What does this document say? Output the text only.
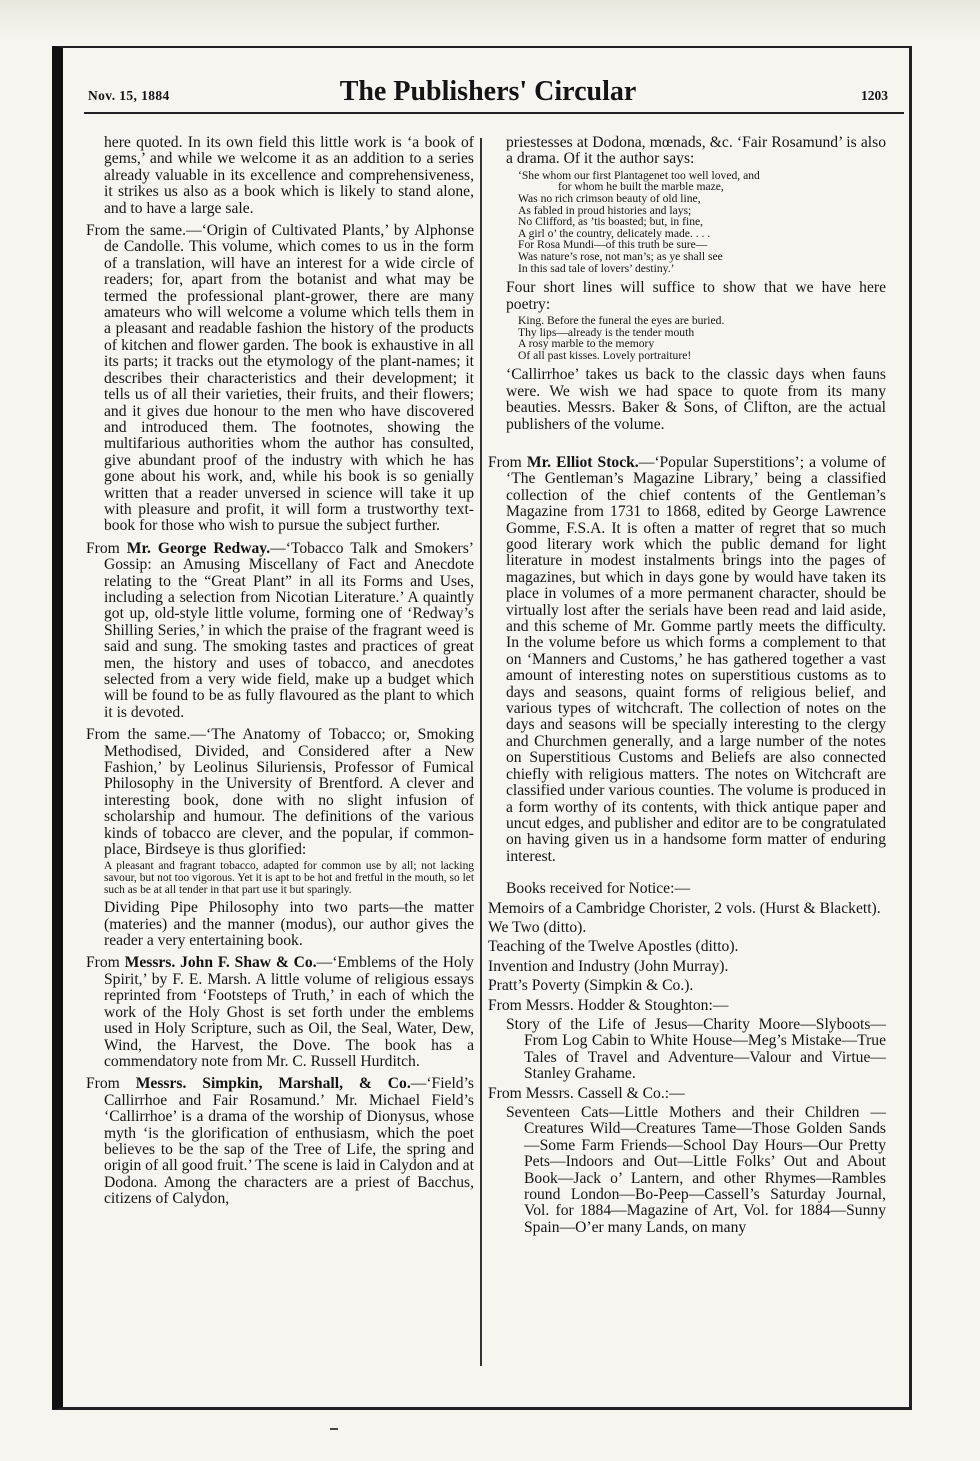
Nov. 15, 1884	The Publishers' Circular	1203

here quoted. In its own field this little work is ‘a book of gems,’ and while we welcome it as an addition to a series already valuable in its excellence and comprehensiveness, it strikes us also as a book which is likely to stand alone, and to have a large sale.

From the same.—‘Origin of Cultivated Plants,’ by Alphonse de Candolle. This volume, which comes to us in the form of a translation, will have an interest for a wide circle of readers; for, apart from the botanist and what may be termed the professional plant-grower, there are many amateurs who will welcome a volume which tells them in a pleasant and readable fashion the history of the products of kitchen and flower garden. The book is exhaustive in all its parts; it tracks out the etymology of the plant-names; it describes their characteristics and their development; it tells us of all their varieties, their fruits, and their flowers; and it gives due honour to the men who have discovered and introduced them. The footnotes, showing the multifarious authorities whom the author has consulted, give abundant proof of the industry with which he has gone about his work, and, while his book is so genially written that a reader unversed in science will take it up with pleasure and profit, it will form a trustworthy text-book for those who wish to pursue the subject further.

From Mr. George Redway.—‘Tobacco Talk and Smokers’ Gossip: an Amusing Miscellany of Fact and Anecdote relating to the “Great Plant” in all its Forms and Uses, including a selection from Nicotian Literature.’ A quaintly got up, old-style little volume, forming one of ‘Redway’s Shilling Series,’ in which the praise of the fragrant weed is said and sung. The smoking tastes and practices of great men, the history and uses of tobacco, and anecdotes selected from a very wide field, make up a budget which will be found to be as fully flavoured as the plant to which it is devoted.

From the same.—‘The Anatomy of Tobacco; or, Smoking Methodised, Divided, and Considered after a New Fashion,’ by Leolinus Siluriensis, Professor of Fumical Philosophy in the University of Brentford. A clever and interesting book, done with no slight infusion of scholarship and humour. The definitions of the various kinds of tobacco are clever, and the popular, if common-place, Birdseye is thus glorified:

A pleasant and fragrant tobacco, adapted for common use by all; not lacking savour, but not too vigorous. Yet it is apt to be hot and fretful in the mouth, so let such as be at all tender in that part use it but sparingly.

Dividing Pipe Philosophy into two parts—the matter (materies) and the manner (modus), our author gives the reader a very entertaining book.

From Messrs. John F. Shaw & Co.—‘Emblems of the Holy Spirit,’ by F. E. Marsh. A little volume of religious essays reprinted from ‘Footsteps of Truth,’ in each of which the work of the Holy Ghost is set forth under the emblems used in Holy Scripture, such as Oil, the Seal, Water, Dew, Wind, the Harvest, the Dove. The book has a commendatory note from Mr. C. Russell Hurditch.

From Messrs. Simpkin, Marshall, & Co.—‘Field’s Callirrhoe and Fair Rosamund.’ Mr. Michael Field’s ‘Callirrhoe’ is a drama of the worship of Dionysus, whose myth ‘is the glorification of enthusiasm, which the poet believes to be the sap of the Tree of Life, the spring and origin of all good fruit.’ The scene is laid in Calydon and at Dodona. Among the characters are a priest of Bacchus, citizens of Calydon,

priestesses at Dodona, mœnads, &c. ‘Fair Rosamund’ is also a drama. Of it the author says:

‘She whom our first Plantagenet too well loved, and

for whom he built the marble maze,

Was no rich crimson beauty of old line,

As fabled in proud histories and lays;

No Clifford, as ’tis boasted; but, in fine,

A girl o’ the country, delicately made. . . .

For Rosa Mundi—of this truth be sure—

Was nature’s rose, not man’s; as ye shall see

In this sad tale of lovers’ destiny.’

Four short lines will suffice to show that we have here poetry:

King. Before the funeral the eyes are buried.

Thy lips—already is the tender mouth

A rosy marble to the memory

Of all past kisses. Lovely portraiture!

‘Callirrhoe’ takes us back to the classic days when fauns were. We wish we had space to quote from its many beauties. Messrs. Baker & Sons, of Clifton, are the actual publishers of the volume.

From Mr. Elliot Stock.—‘Popular Superstitions’; a volume of ‘The Gentleman’s Magazine Library,’ being a classified collection of the chief contents of the Gentleman’s Magazine from 1731 to 1868, edited by George Lawrence Gomme, F.S.A. It is often a matter of regret that so much good literary work which the public demand for light literature in modest instalments brings into the pages of magazines, but which in days gone by would have taken its place in volumes of a more permanent character, should be virtually lost after the serials have been read and laid aside, and this scheme of Mr. Gomme partly meets the difficulty. In the volume before us which forms a complement to that on ‘Manners and Customs,’ he has gathered together a vast amount of interesting notes on superstitious customs as to days and seasons, quaint forms of religious belief, and various types of witchcraft. The collection of notes on the days and seasons will be specially interesting to the clergy and Churchmen generally, and a large number of the notes on Superstitious Customs and Beliefs are also connected chiefly with religious matters. The notes on Witchcraft are classified under various counties. The volume is produced in a form worthy of its contents, with thick antique paper and uncut edges, and publisher and editor are to be congratulated on having given us in a handsome form matter of enduring interest.

Books received for Notice:—

Memoirs of a Cambridge Chorister, 2 vols. (Hurst & Blackett).

We Two (ditto).

Teaching of the Twelve Apostles (ditto).

Invention and Industry (John Murray).

Pratt’s Poverty (Simpkin & Co.).

From Messrs. Hodder & Stoughton:—

Story of the Life of Jesus—Charity Moore—Slyboots—From Log Cabin to White House—Meg’s Mistake—True Tales of Travel and Adventure—Valour and Virtue—Stanley Grahame.

From Messrs. Cassell & Co.:—

Seventeen Cats—Little Mothers and their Children —Creatures Wild—Creatures Tame—Those Golden Sands—Some Farm Friends—School Day Hours—Our Pretty Pets—Indoors and Out—Little Folks’ Out and About Book—Jack o’ Lantern, and other Rhymes—Rambles round London—Bo-Peep—Cassell’s Saturday Journal, Vol. for 1884—Magazine of Art, Vol. for 1884—Sunny Spain—O’er many Lands, on many
